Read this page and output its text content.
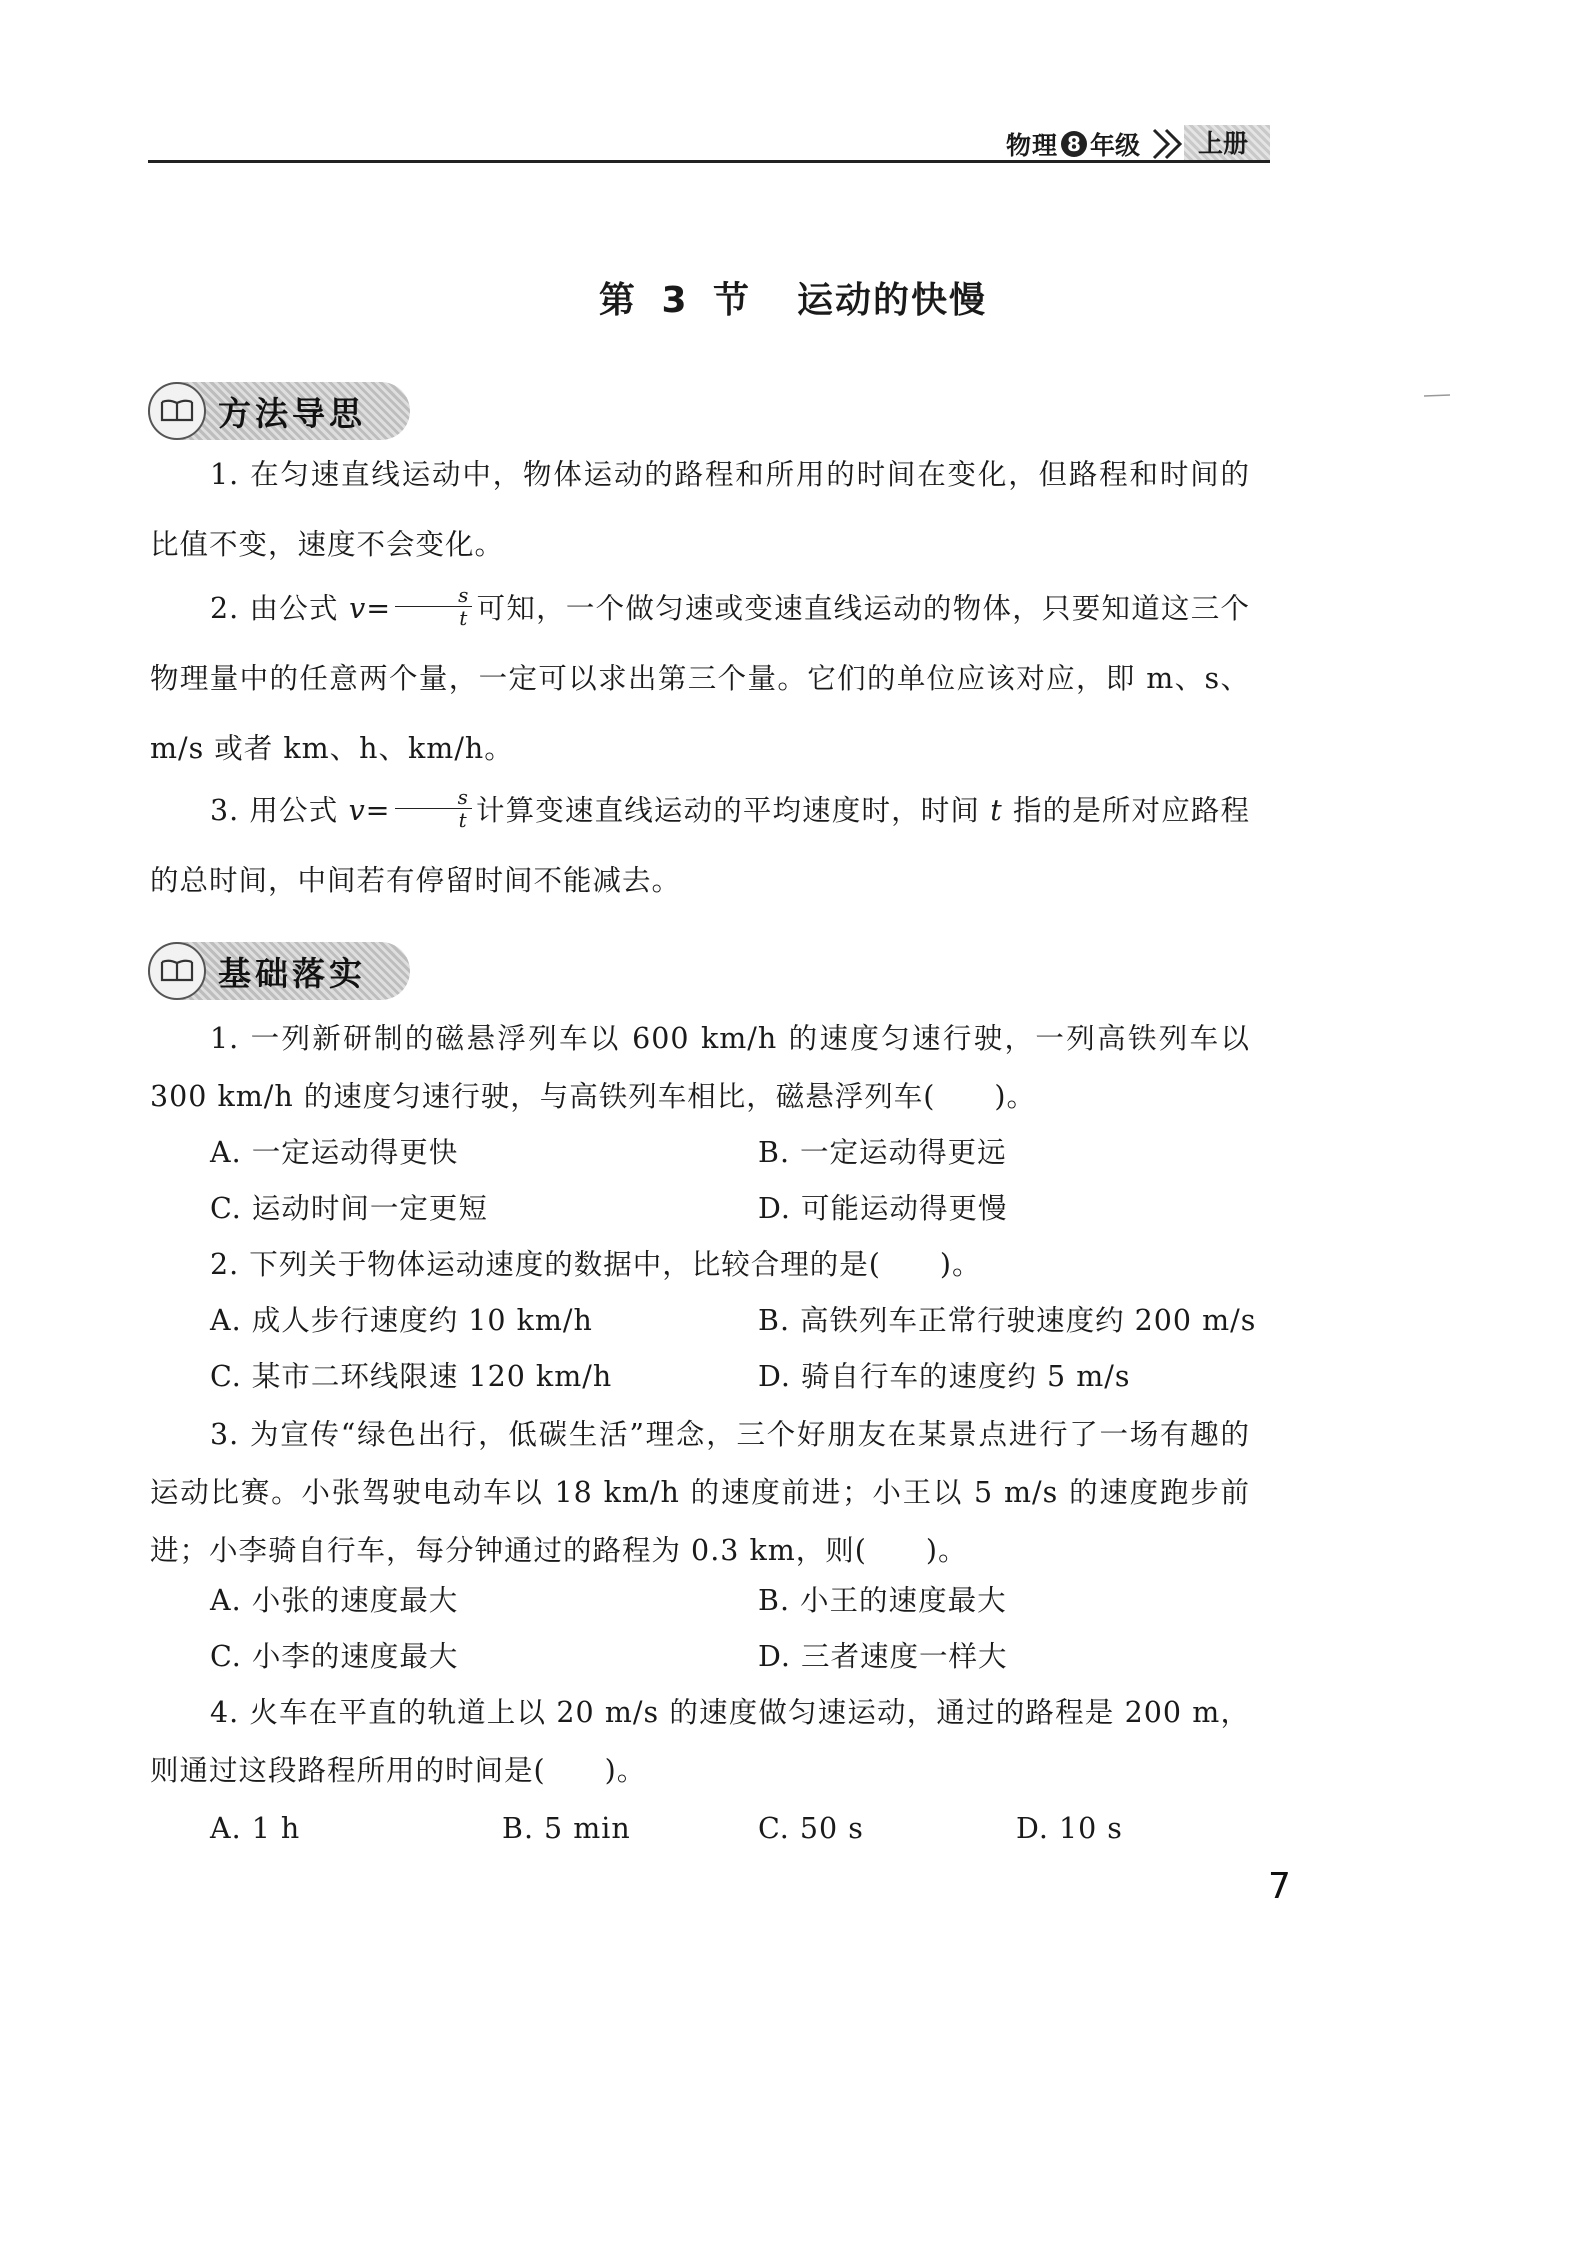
物理 8 年级	上册
第 3 节 运动的快慢
方法导思
1. 在匀速直线运动中，物体运动的路程和所用的时间在变化，但路程和时间的比值不变，速度不会变化。
2. 由公式 $v= \frac{s}{t}$ 可知，一个做匀速或变速直线运动的物体，只要知道这三个物理量中的任意两个量，一定可以求出第三个量。它们的单位应该对应，即 m、s、m/s 或者 km、h、km/h。
3. 用公式 $v= \frac{s}{t}$ 计算变速直线运动的平均速度时，时间 t 指的是所对应路程的总时间，中间若有停留时间不能减去。
基础落实
1. 一列新研制的磁悬浮列车以 600 km/h 的速度匀速行驶，一列高铁列车以 300 km/h 的速度匀速行驶，与高铁列车相比，磁悬浮列车(　　)。
A. 一定运动得更快	B. 一定运动得更远
C. 运动时间一定更短	D. 可能运动得更慢
2. 下列关于物体运动速度的数据中，比较合理的是(　　)。
A. 成人步行速度约 10 km/h	B. 高铁列车正常行驶速度约 200 m/s
C. 某市二环线限速 120 km/h	D. 骑自行车的速度约 5 m/s
3. 为宣传“绿色出行，低碳生活”理念，三个好朋友在某景点进行了一场有趣的运动比赛。小张驾驶电动车以 18 km/h 的速度前进；小王以 5 m/s 的速度跑步前进；小李骑自行车，每分钟通过的路程为 0.3 km，则(　　)。
A. 小张的速度最大	B. 小王的速度最大
C. 小李的速度最大	D. 三者速度一样大
4. 火车在平直的轨道上以 20 m/s 的速度做匀速运动，通过的路程是 200 m，则通过这段路程所用的时间是(　　)。
A. 1 h	B. 5 min	C. 50 s	D. 10 s
7
